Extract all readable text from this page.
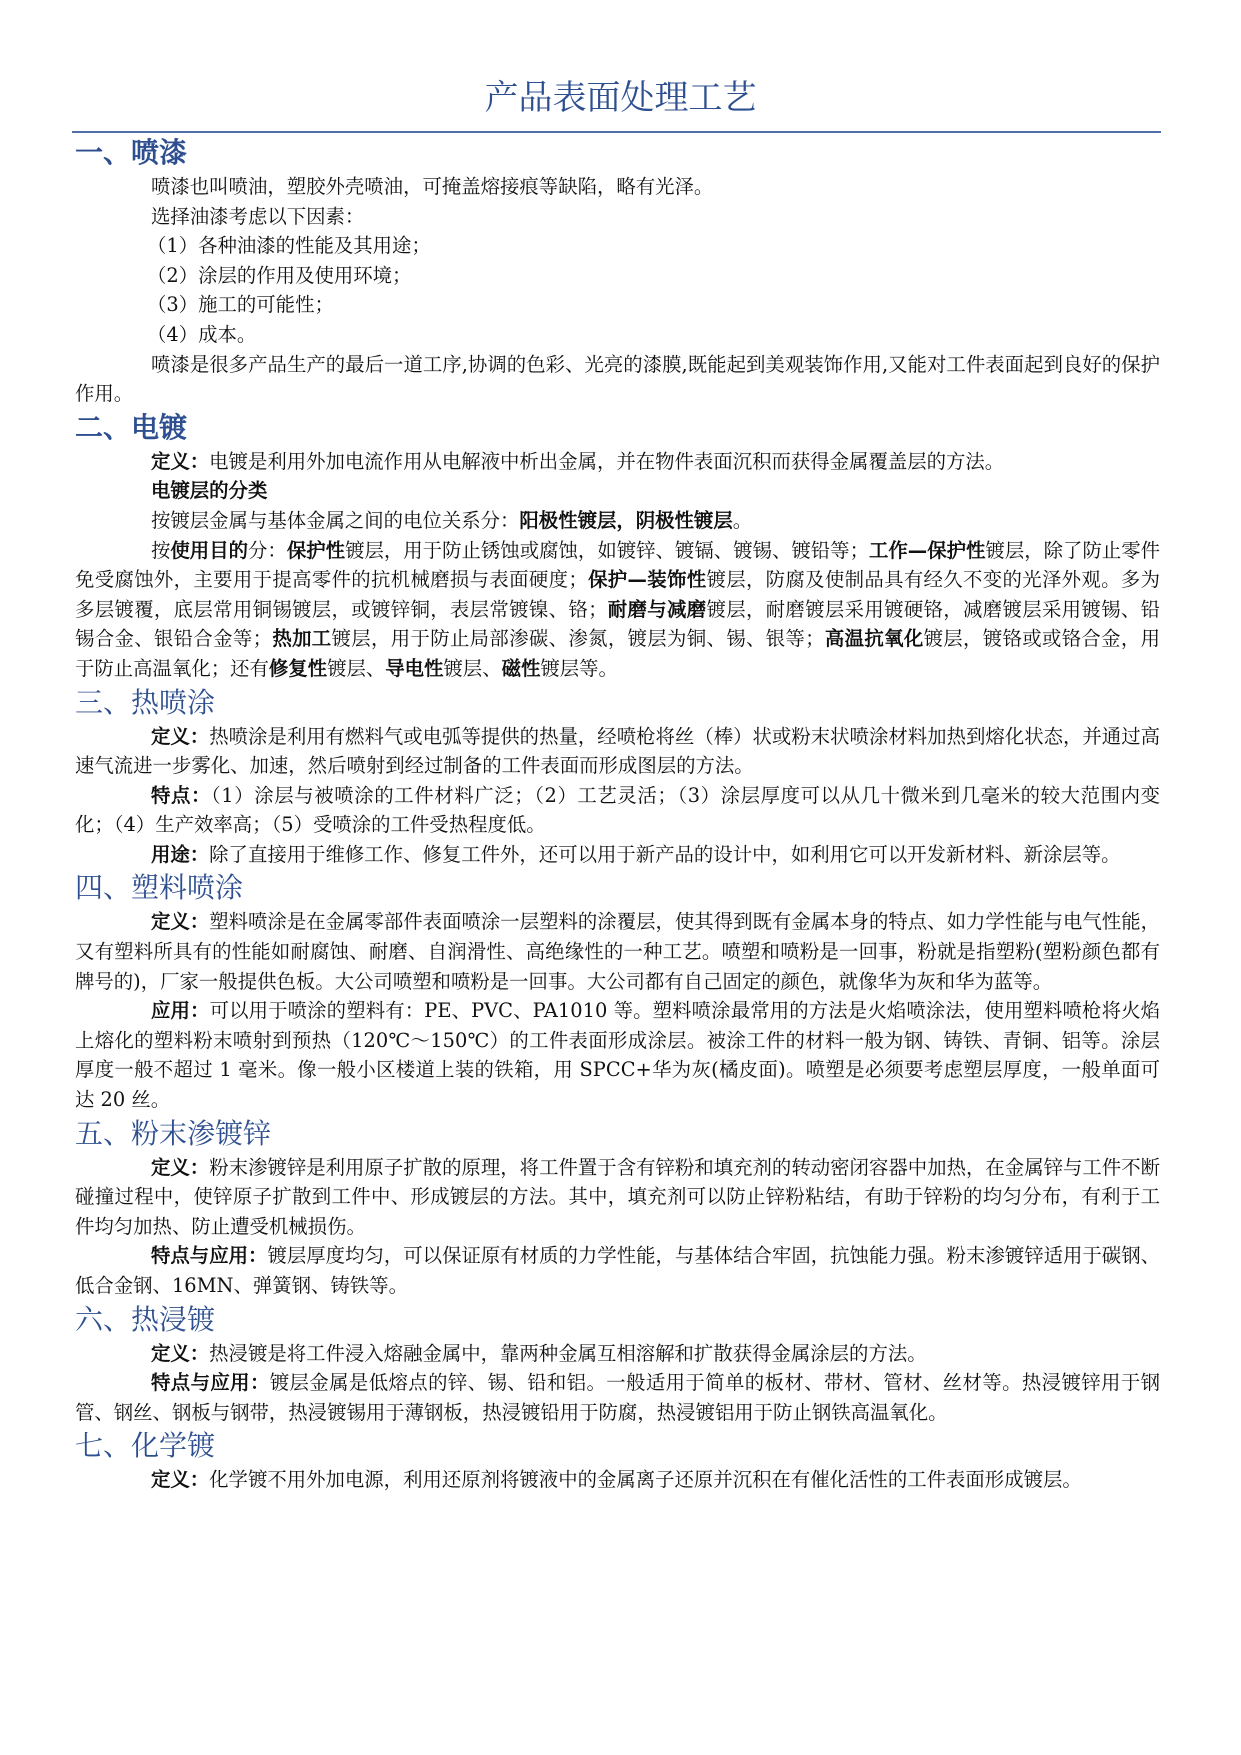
产品表面处理工艺
一、喷漆

喷漆也叫喷油，塑胶外壳喷油，可掩盖熔接痕等缺陷，略有光泽。

选择油漆考虑以下因素：

（1）各种油漆的性能及其用途；

（2）涂层的作用及使用环境；

（3）施工的可能性；

（4）成本。

喷漆是很多产品生产的最后一道工序,协调的色彩、光亮的漆膜,既能起到美观装饰作用,又能对工件表面起到良好的保护作用。

二、电镀

定义：电镀是利用外加电流作用从电解液中析出金属，并在物件表面沉积而获得金属覆盖层的方法。

电镀层的分类

按镀层金属与基体金属之间的电位关系分：阳极性镀层，阴极性镀层。

按使用目的分：保护性镀层，用于防止锈蚀或腐蚀，如镀锌、镀镉、镀锡、镀铅等；工作—保护性镀层，除了防止零件免受腐蚀外，主要用于提高零件的抗机械磨损与表面硬度；保护—装饰性镀层，防腐及使制品具有经久不变的光泽外观。多为多层镀覆，底层常用铜锡镀层，或镀锌铜，表层常镀镍、铬；耐磨与减磨镀层，耐磨镀层采用镀硬铬，减磨镀层采用镀锡、铅锡合金、银铅合金等；热加工镀层，用于防止局部渗碳、渗氮，镀层为铜、锡、银等；高温抗氧化镀层，镀铬或或铬合金，用于防止高温氧化；还有修复性镀层、导电性镀层、磁性镀层等。

三、热喷涂

定义：热喷涂是利用有燃料气或电弧等提供的热量，经喷枪将丝（棒）状或粉末状喷涂材料加热到熔化状态，并通过高速气流进一步雾化、加速，然后喷射到经过制备的工件表面而形成图层的方法。

特点：（1）涂层与被喷涂的工件材料广泛；（2）工艺灵活；（3）涂层厚度可以从几十微米到几毫米的较大范围内变化；（4）生产效率高；（5）受喷涂的工件受热程度低。

用途：除了直接用于维修工作、修复工件外，还可以用于新产品的设计中，如利用它可以开发新材料、新涂层等。

四、塑料喷涂

定义：塑料喷涂是在金属零部件表面喷涂一层塑料的涂覆层，使其得到既有金属本身的特点、如力学性能与电气性能，又有塑料所具有的性能如耐腐蚀、耐磨、自润滑性、高绝缘性的一种工艺。喷塑和喷粉是一回事，粉就是指塑粉(塑粉颜色都有牌号的)，厂家一般提供色板。大公司喷塑和喷粉是一回事。大公司都有自己固定的颜色，就像华为灰和华为蓝等。

应用：可以用于喷涂的塑料有：PE、PVC、PA1010 等。塑料喷涂最常用的方法是火焰喷涂法，使用塑料喷枪将火焰上熔化的塑料粉末喷射到预热（120℃～150℃）的工件表面形成涂层。被涂工件的材料一般为钢、铸铁、青铜、铝等。涂层厚度一般不超过 1 毫米。像一般小区楼道上装的铁箱，用 SPCC+华为灰(橘皮面)。喷塑是必须要考虑塑层厚度，一般单面可达 20 丝。

五、粉末渗镀锌

定义：粉末渗镀锌是利用原子扩散的原理，将工件置于含有锌粉和填充剂的转动密闭容器中加热，在金属锌与工件不断碰撞过程中，使锌原子扩散到工件中、形成镀层的方法。其中，填充剂可以防止锌粉粘结，有助于锌粉的均匀分布，有利于工件均匀加热、防止遭受机械损伤。

特点与应用：镀层厚度均匀，可以保证原有材质的力学性能，与基体结合牢固，抗蚀能力强。粉末渗镀锌适用于碳钢、低合金钢、16MN、弹簧钢、铸铁等。

六、热浸镀

定义：热浸镀是将工件浸入熔融金属中，靠两种金属互相溶解和扩散获得金属涂层的方法。

特点与应用：镀层金属是低熔点的锌、锡、铅和铝。一般适用于简单的板材、带材、管材、丝材等。热浸镀锌用于钢管、钢丝、钢板与钢带，热浸镀锡用于薄钢板，热浸镀铅用于防腐，热浸镀铝用于防止钢铁高温氧化。

七、化学镀

定义：化学镀不用外加电源，利用还原剂将镀液中的金属离子还原并沉积在有催化活性的工件表面形成镀层。
